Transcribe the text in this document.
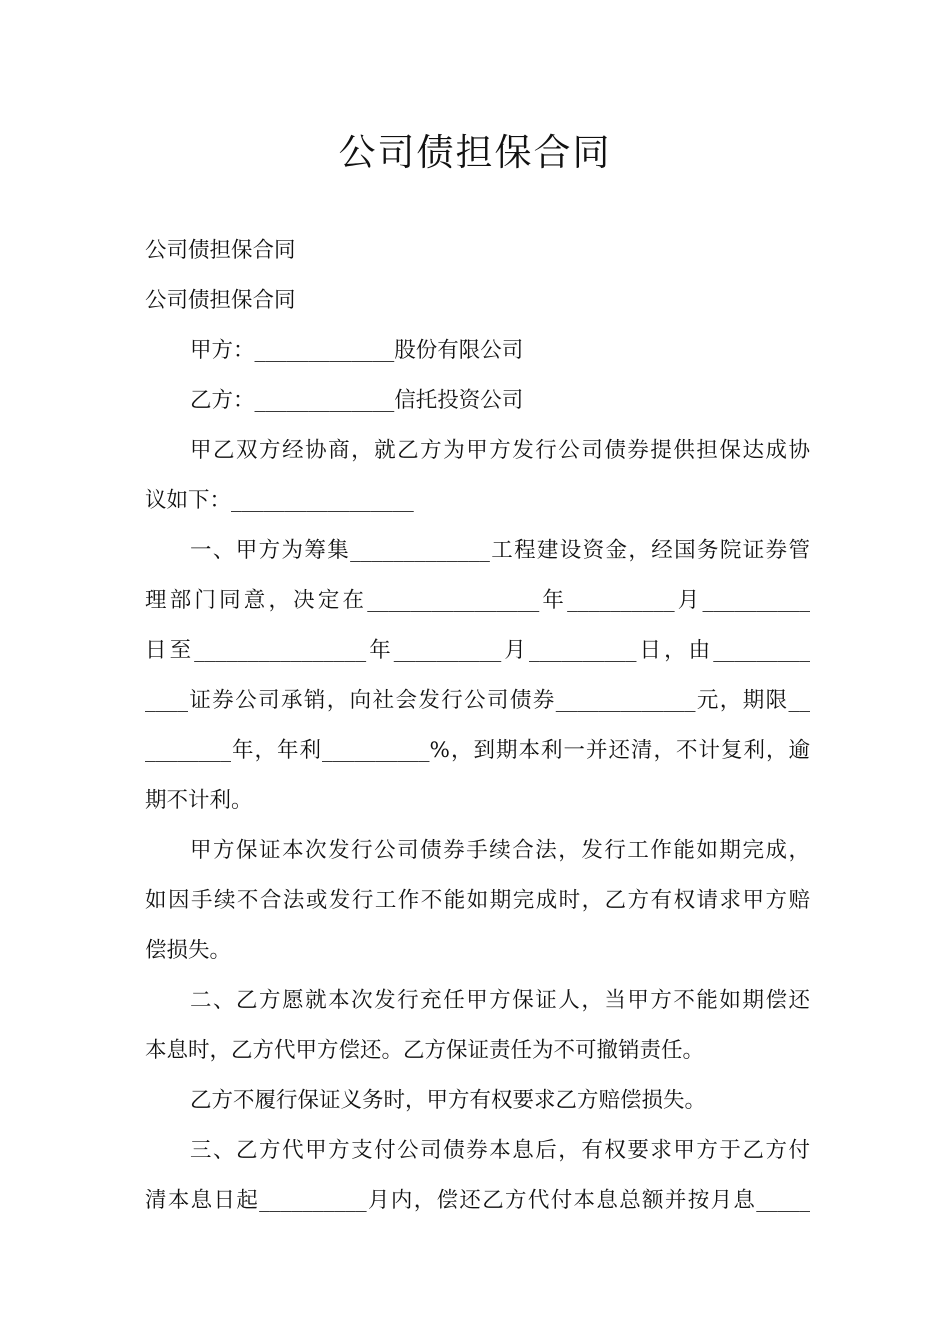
公司债担保合同
公司债担保合同
公司债担保合同
甲方：_____________股份有限公司
乙方：_____________信托投资公司
甲乙双方经协商，就乙方为甲方发行公司债券提供担保达成协
议如下：_________________
一、甲方为筹集_____________工程建设资金，经国务院证券管
理部门同意，决定在________________年__________月__________
日至________________年__________月__________日，由_________
____证券公司承销，向社会发行公司债券_____________元，期限__
________年，年利__________%，到期本利一并还清，不计复利，逾
期不计利。
甲方保证本次发行公司债券手续合法，发行工作能如期完成，
如因手续不合法或发行工作不能如期完成时，乙方有权请求甲方赔
偿损失。
二、乙方愿就本次发行充任甲方保证人，当甲方不能如期偿还
本息时，乙方代甲方偿还。乙方保证责任为不可撤销责任。
乙方不履行保证义务时，甲方有权要求乙方赔偿损失。
三、乙方代甲方支付公司债券本息后，有权要求甲方于乙方付
清本息日起__________月内，偿还乙方代付本息总额并按月息_____
